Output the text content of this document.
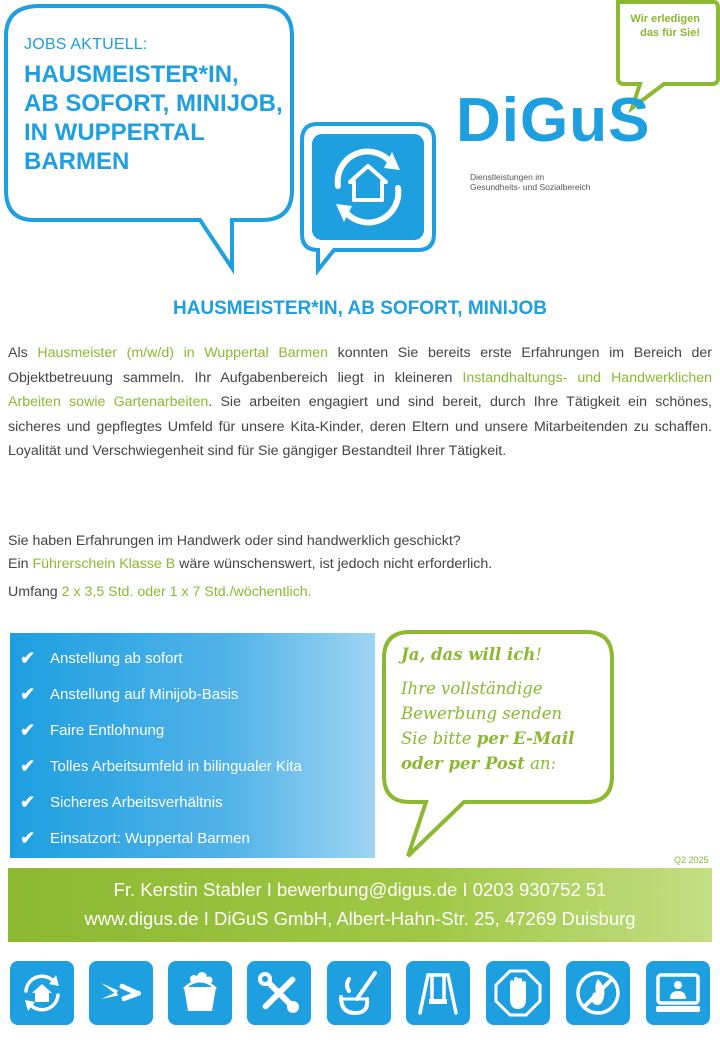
JOBS AKTUELL:
HAUSMEISTER*IN,
AB SOFORT, MINIJOB,
IN WUPPERTAL
BARMEN
Wir erledigen
das für Sie!
DiGuS
Dienstleistungen im
Gesundheits- und Sozialbereich
HAUSMEISTER*IN, AB SOFORT, MINIJOB
Als Hausmeister (m/w/d) in Wuppertal Barmen konnten Sie bereits erste Erfahrungen im Bereich der Objektbetreuung sammeln. Ihr Aufgabenbereich liegt in kleineren Instandhaltungs- und Handwerklichen Arbeiten sowie Gartenarbeiten. Sie arbeiten engagiert und sind bereit, durch Ihre Tätigkeit ein schönes, sicheres und gepflegtes Umfeld für unsere Kita-Kinder, deren Eltern und unsere Mitarbeitenden zu schaffen. Loyalität und Verschwiegenheit sind für Sie gängiger Bestandteil Ihrer Tätigkeit.
Sie haben Erfahrungen im Handwerk oder sind handwerklich geschickt?
Ein Führerschein Klasse B wäre wünschenswert, ist jedoch nicht erforderlich.
Umfang 2 x 3,5 Std. oder 1 x 7 Std./wöchentlich.
✔ Anstellung ab sofort
✔ Anstellung auf Minijob-Basis
✔ Faire Entlohnung
✔ Tolles Arbeitsumfeld in bilingualer Kita
✔ Sicheres Arbeitsverhältnis
✔ Einsatzort: Wuppertal Barmen
Ja, das will ich!
Ihre vollständige
Bewerbung senden
Sie bitte per E-Mail
oder per Post an:
Q2 2025
Fr. Kerstin Stabler I bewerbung@digus.de I 0203 930752 51
www.digus.de I DiGuS GmbH, Albert-Hahn-Str. 25, 47269 Duisburg
